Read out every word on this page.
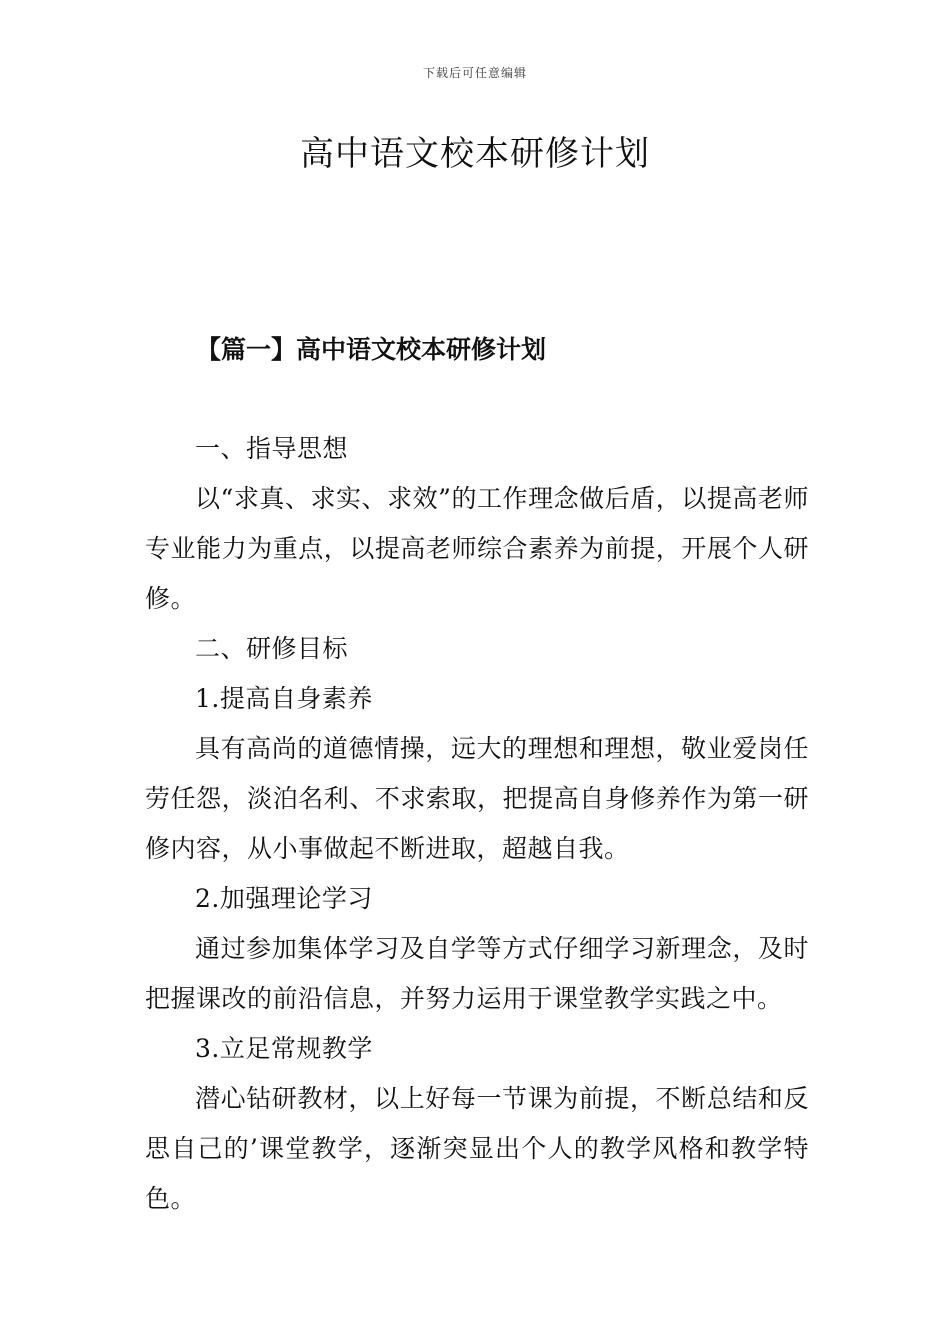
下载后可任意编辑
高中语文校本研修计划
【篇一】高中语文校本研修计划

一、指导思想

以“求真、求实、求效”的工作理念做后盾，以提高老师专业能力为重点，以提高老师综合素养为前提，开展个人研修。

二、研修目标

1.提高自身素养

具有高尚的道德情操，远大的理想和理想，敬业爱岗任劳任怨，淡泊名利、不求索取，把提高自身修养作为第一研修内容，从小事做起不断进取，超越自我。

2.加强理论学习

通过参加集体学习及自学等方式仔细学习新理念，及时把握课改的前沿信息，并努力运用于课堂教学实践之中。

3.立足常规教学

潜心钻研教材，以上好每一节课为前提，不断总结和反思自己的’课堂教学，逐渐突显出个人的教学风格和教学特色。
